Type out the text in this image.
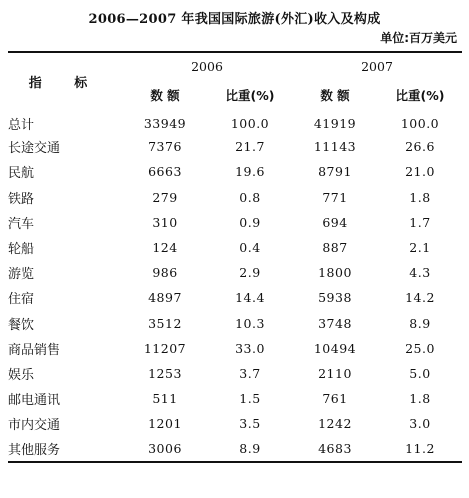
2006—2007 年我国国际旅游(外汇)收入及构成
单位:百万美元
指 标	2006		2007	
	数 额	比重(%)	数 额	比重(%)
总计	33949	100.0	41919	100.0
长途交通	7376	21.7	11143	26.6
民航	6663	19.6	8791	21.0
铁路	279	0.8	771	1.8
汽车	310	0.9	694	1.7
轮船	124	0.4	887	2.1
游览	986	2.9	1800	4.3
住宿	4897	14.4	5938	14.2
餐饮	3512	10.3	3748	8.9
商品销售	11207	33.0	10494	25.0
娱乐	1253	3.7	2110	5.0
邮电通讯	511	1.5	761	1.8
市内交通	1201	3.5	1242	3.0
其他服务	3006	8.9	4683	11.2
